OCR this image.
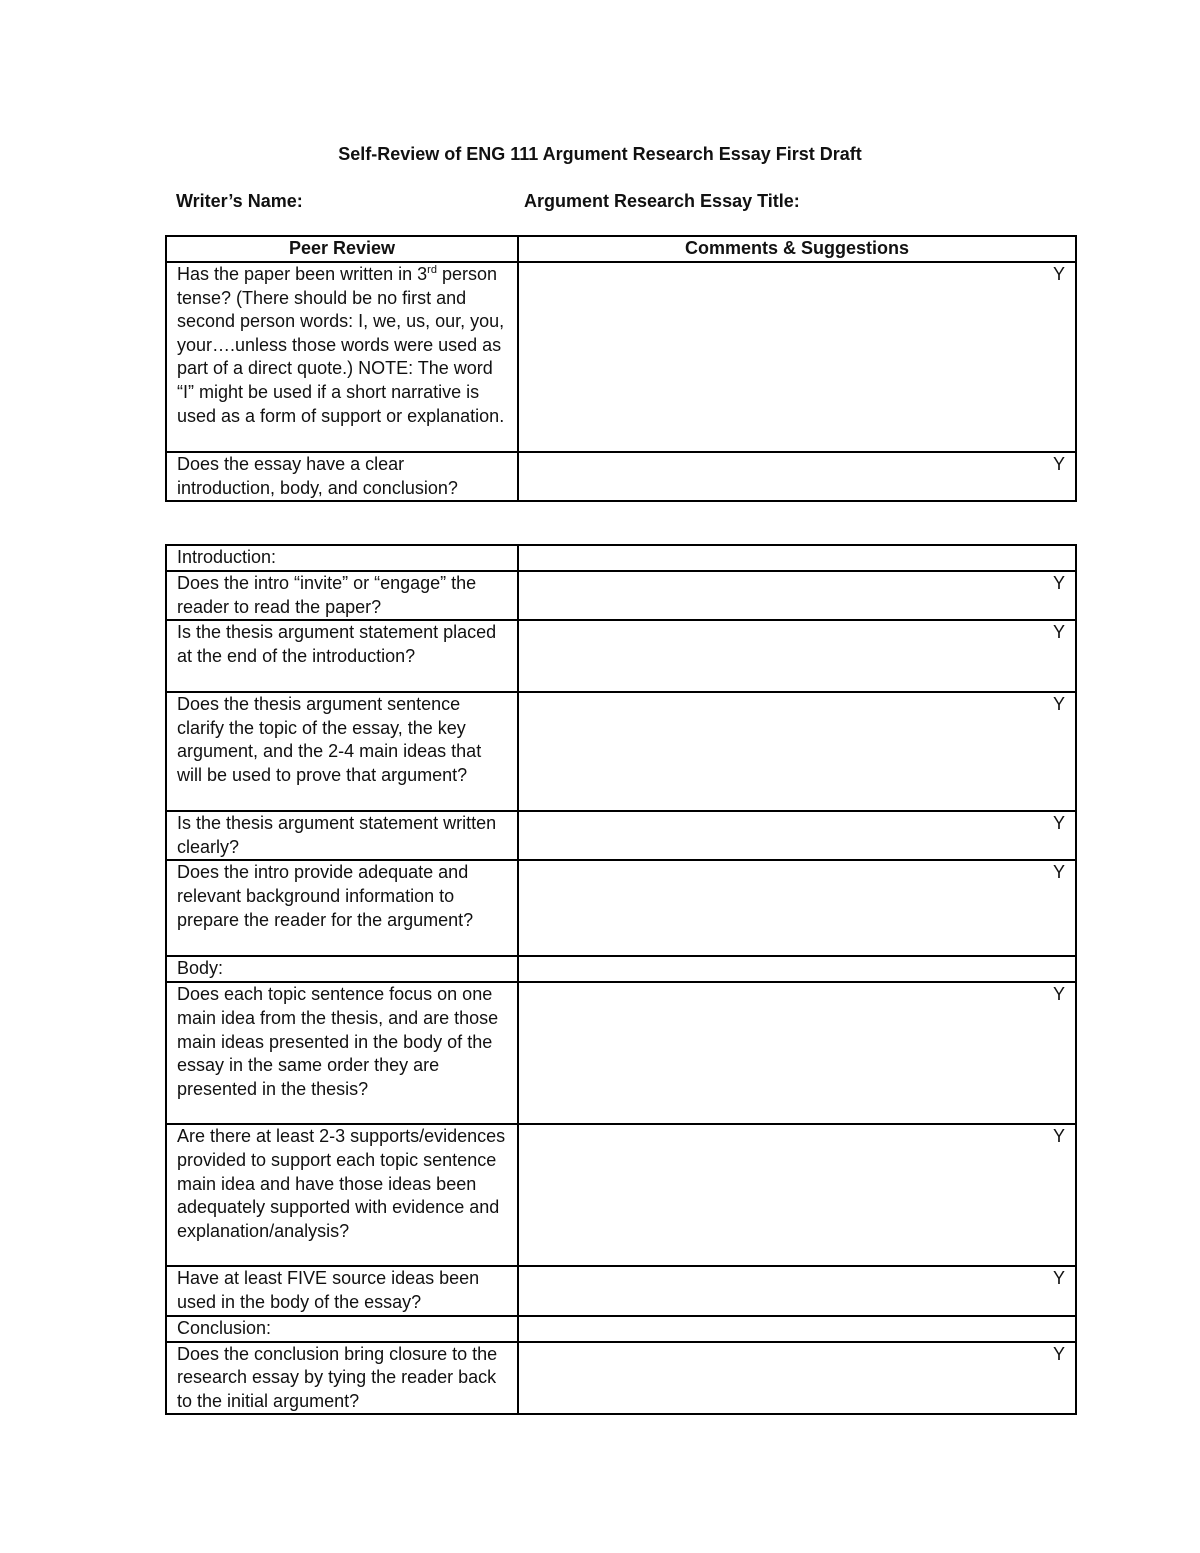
Self-Review of ENG 111 Argument Research Essay First Draft
Writer’s Name:	Argument Research Essay Title:
Peer Review	Comments & Suggestions
Has the paper been written in 3rd person tense? (There should be no first and second person words: I, we, us, our, you, your….unless those words were used as part of a direct quote.) NOTE: The word “I” might be used if a short narrative is used as a form of support or explanation.	Y

Does the essay have a clear introduction, body, and conclusion?	Y
Introduction:	
Does the intro “invite” or “engage” the reader to read the paper?	Y

Is the thesis argument statement placed at the end of the introduction?	Y

Does the thesis argument sentence clarify the topic of the essay, the key argument, and the 2-4 main ideas that will be used to prove that argument?	Y

Is the thesis argument statement written clearly?	Y

Does the intro provide adequate and relevant background information to prepare the reader for the argument?	Y

Body:	
Does each topic sentence focus on one main idea from the thesis, and are those main ideas presented in the body of the essay in the same order they are presented in the thesis?	Y

Are there at least 2-3 supports/evidences provided to support each topic sentence main idea and have those ideas been adequately supported with evidence and explanation/analysis?	Y

Have at least FIVE source ideas been used in the body of the essay?	Y

Conclusion:	
Does the conclusion bring closure to the research essay by tying the reader back to the initial argument?	Y
